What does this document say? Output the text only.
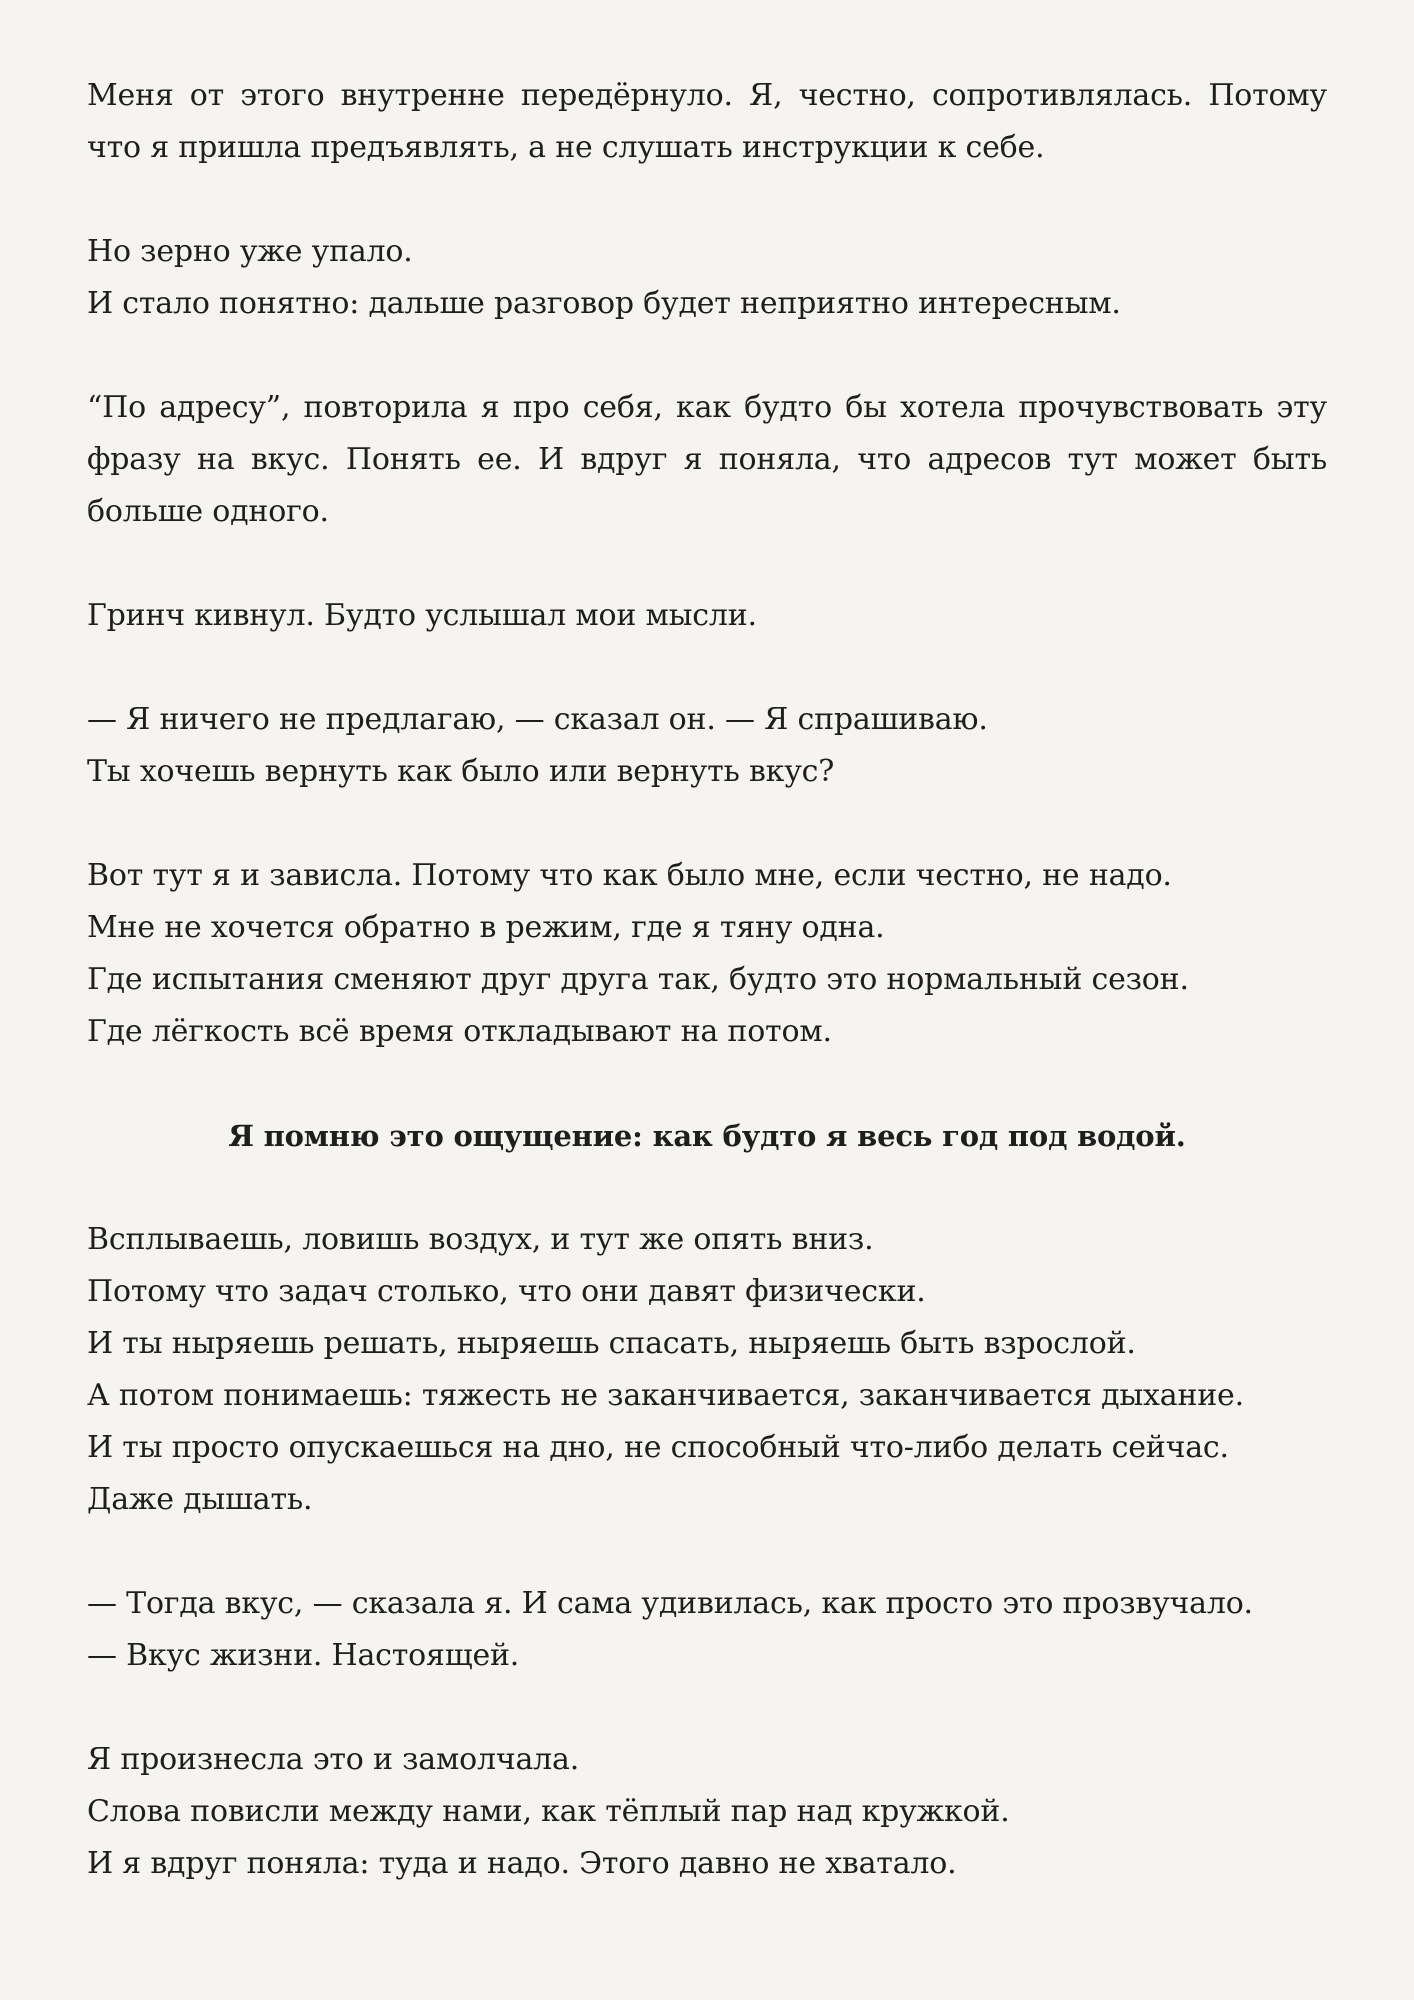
Меня от этого внутренне передёрнуло. Я, честно, сопротивлялась. Потому что я пришла предъявлять, а не слушать инструкции к себе.

Но зерно уже упало.
И стало понятно: дальше разговор будет неприятно интересным.

“По адресу”, повторила я про себя, как будто бы хотела прочувствовать эту фразу на вкус. Понять ее. И вдруг я поняла, что адресов тут может быть больше одного.

Гринч кивнул. Будто услышал мои мысли.

— Я ничего не предлагаю, — сказал он. — Я спрашиваю.
Ты хочешь вернуть как было или вернуть вкус?

Вот тут я и зависла. Потому что как было мне, если честно, не надо.
Мне не хочется обратно в режим, где я тяну одна.
Где испытания сменяют друг друга так, будто это нормальный сезон.
Где лёгкость всё время откладывают на потом.

Я помню это ощущение: как будто я весь год под водой.

Всплываешь, ловишь воздух, и тут же опять вниз.
Потому что задач столько, что они давят физически.
И ты ныряешь решать, ныряешь спасать, ныряешь быть взрослой.
А потом понимаешь: тяжесть не заканчивается, заканчивается дыхание.
И ты просто опускаешься на дно, не способный что-либо делать сейчас.
Даже дышать.

— Тогда вкус, — сказала я. И сама удивилась, как просто это прозвучало.
— Вкус жизни. Настоящей.

Я произнесла это и замолчала.
Слова повисли между нами, как тёплый пар над кружкой.
И я вдруг поняла: туда и надо. Этого давно не хватало.
